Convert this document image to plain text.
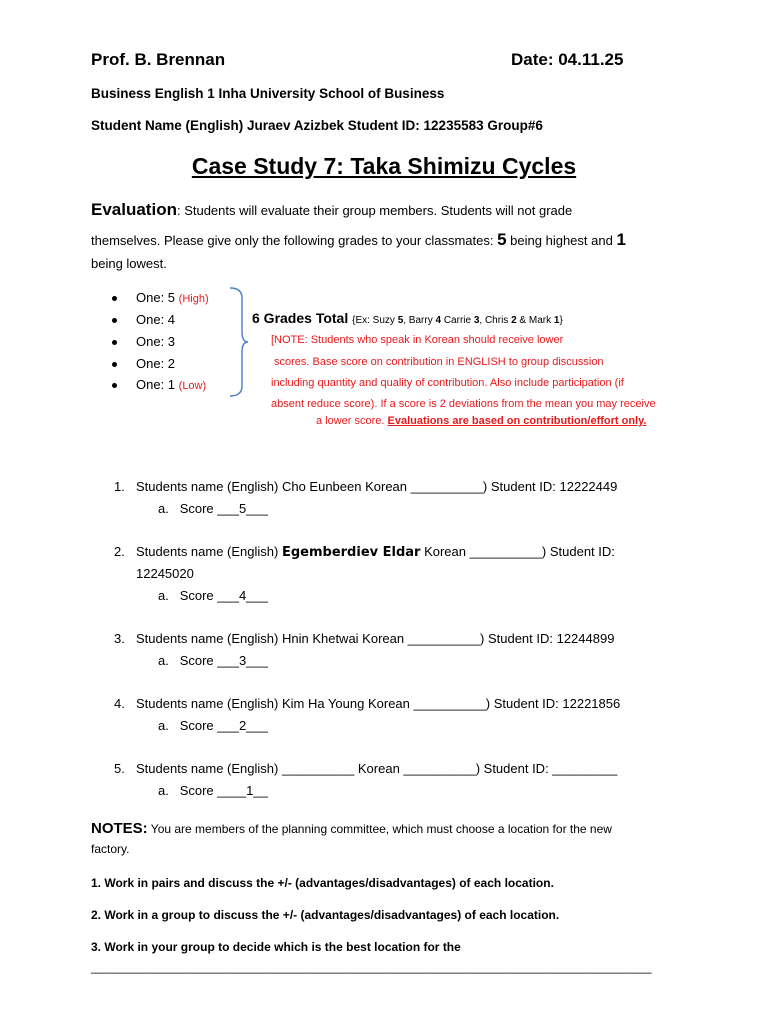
Prof. B. Brennan	Date: 04.11.25
Business English 1 Inha University School of Business
Student Name (English) Juraev Azizbek Student ID: 12235583 Group#6
Case Study 7: Taka Shimizu Cycles
Evaluation: Students will evaluate their group members. Students will not grade
themselves. Please give only the following grades to your classmates: 5 being highest and 1
being lowest.
One: 5 (High)
One: 4
One: 3
One: 2
One: 1 (Low)
6 Grades Total {Ex: Suzy 5, Barry 4 Carrie 3, Chris 2 & Mark 1}
[NOTE: Students who speak in Korean should receive lower
scores. Base score on contribution in ENGLISH to group discussion
including quantity and quality of contribution. Also include participation (if
absent reduce score). If a score is 2 deviations from the mean you may receive
a lower score. Evaluations are based on contribution/effort only.
1. Students name (English) Cho Eunbeen Korean __________) Student ID: 12222449
a. Score ___5___
2. Students name (English) Egemberdiev Eldar Korean __________) Student ID:
12245020
a. Score ___4___
3. Students name (English) Hnin Khetwai Korean __________) Student ID: 12244899
a. Score ___3___
4. Students name (English) Kim Ha Young Korean __________) Student ID: 12221856
a. Score ___2___
5. Students name (English) __________ Korean __________) Student ID: _________
a. Score ____1__
NOTES: You are members of the planning committee, which must choose a location for the new
factory.
1. Work in pairs and discuss the +/- (advantages/disadvantages) of each location.
2. Work in a group to discuss the +/- (advantages/disadvantages) of each location.
3. Work in your group to decide which is the best location for the
____________________________________________________________________________________
